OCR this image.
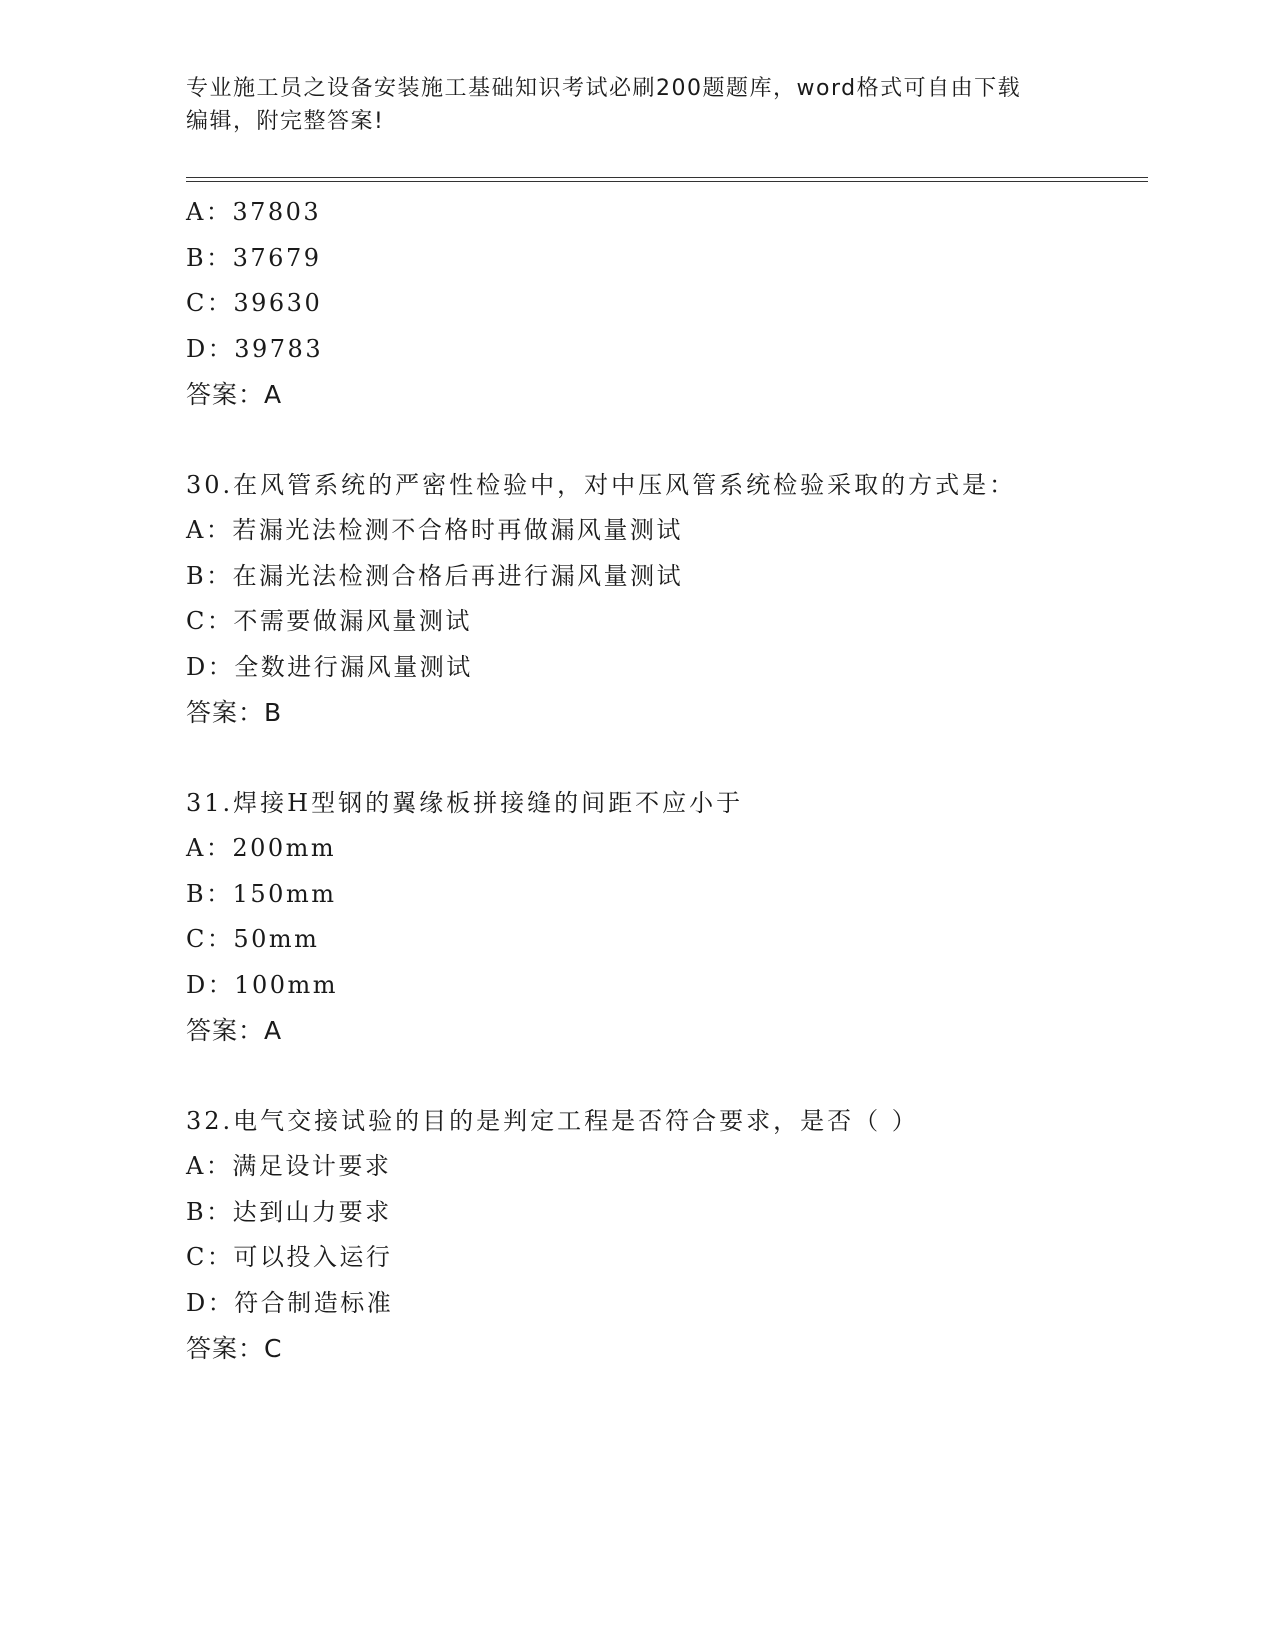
专业施工员之设备安装施工基础知识考试必刷200题题库，word格式可自由下载
编辑，附完整答案!
A：37803
B：37679
C：39630
D：39783
答案：A
30.在风管系统的严密性检验中，对中压风管系统检验采取的方式是：
A：若漏光法检测不合格时再做漏风量测试
B：在漏光法检测合格后再进行漏风量测试
C：不需要做漏风量测试
D：全数进行漏风量测试
答案：B
31.焊接H型钢的翼缘板拼接缝的间距不应小于
A：200mm
B：150mm
C：50mm
D：100mm
答案：A
32.电气交接试验的目的是判定工程是否符合要求，是否（ ）
A：满足设计要求
B：达到山力要求
C：可以投入运行
D：符合制造标准
答案：C
